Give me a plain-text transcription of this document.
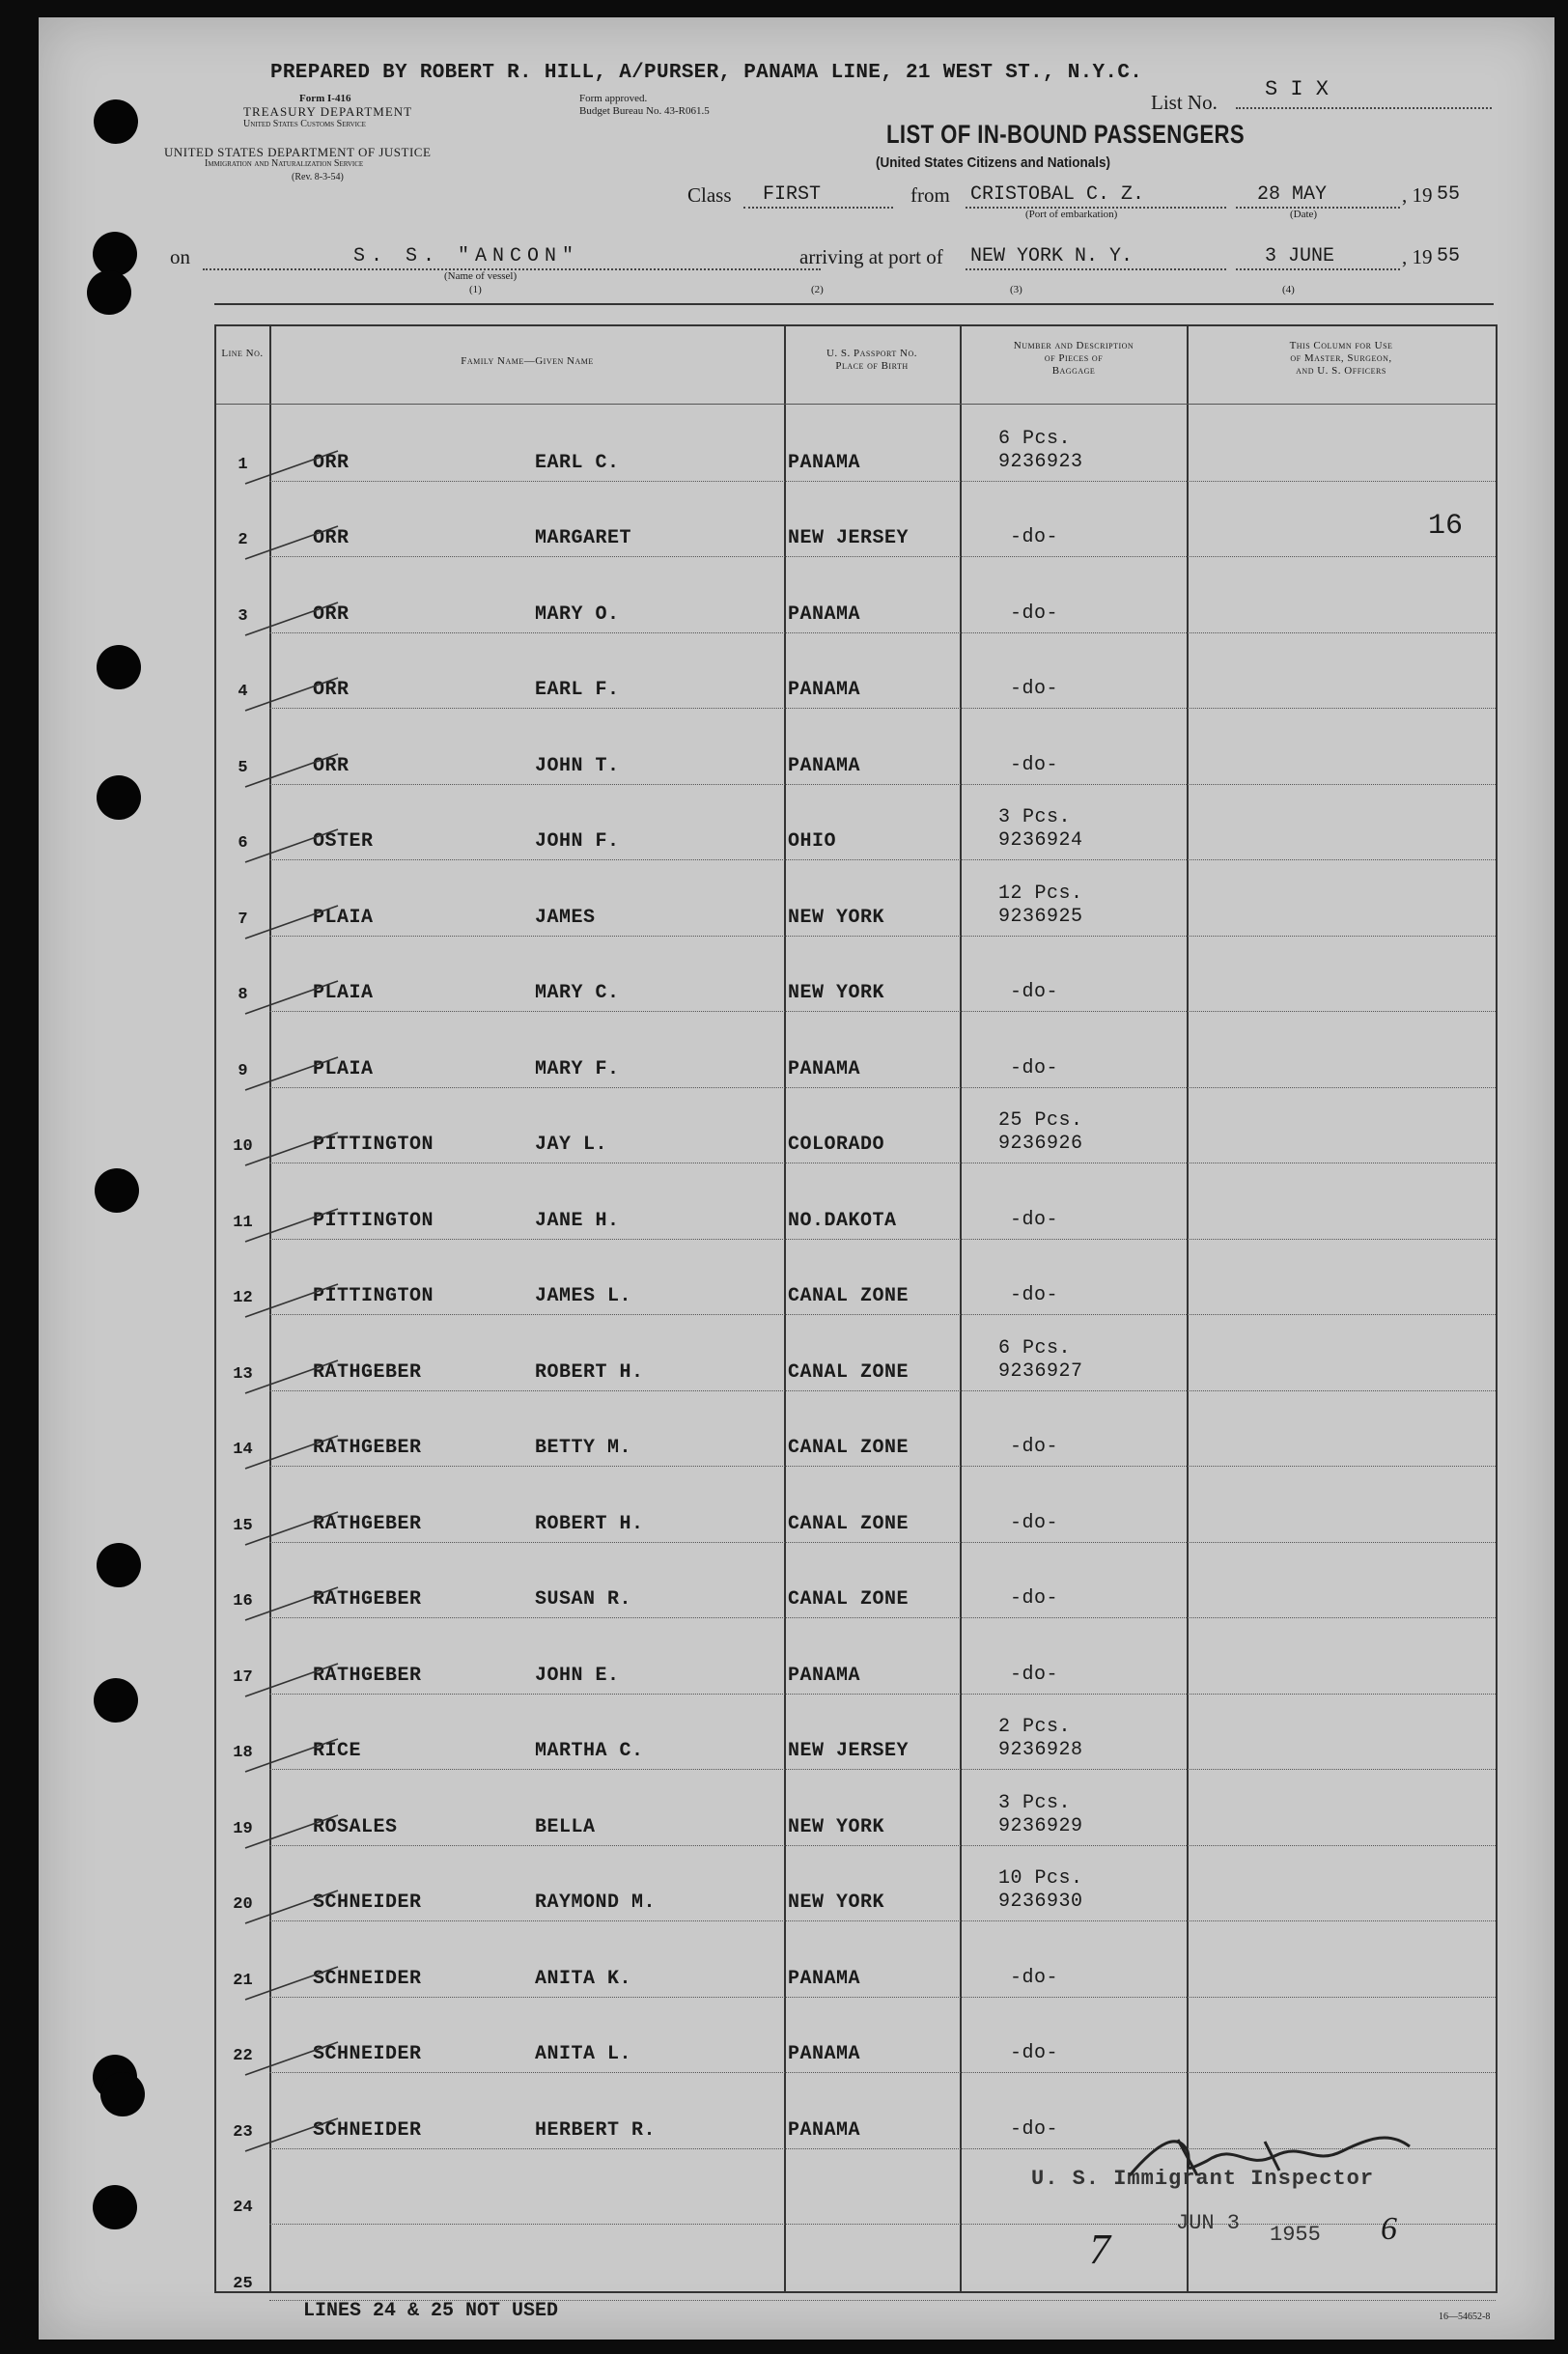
PREPARED BY ROBERT R. HILL, A/PURSER, PANAMA LINE, 21 WEST ST., N.Y.C.
Form I-416
TREASURY DEPARTMENT
United States Customs Service
Form approved.
Budget Bureau No. 43-R061.5
UNITED STATES DEPARTMENT OF JUSTICE
Immigration and Naturalization Service
(Rev. 8-3-54)
List No.
S I X
LIST OF IN-BOUND PASSENGERS
(United States Citizens and Nationals)
Class FIRST	from CRISTOBAL C. Z.
(Port of embarkation)
28 MAY	, 19 55
(Date)
on	S. S. "ANCON"
(Name of vessel)
(1)
arriving at port of
(2)
NEW YORK N. Y.
(3)
3 JUNE	, 19 55
(4)
Line No.
Family Name—Given Name
U. S. Passport No.
Place of Birth
Number and Description
of Pieces of
Baggage
This Column for Use
of Master, Surgeon,
and U. S. Officers
1	ORR	EARL C.	PANAMA
6 Pcs.
9236923
2	ORR	MARGARET	NEW JERSEY	-do-
3	ORR	MARY O.	PANAMA	-do-
4	ORR	EARL F.	PANAMA	-do-
5	ORR	JOHN T.	PANAMA	-do-
6	OSTER	JOHN F.	OHIO
3 Pcs.
9236924
7	PLAIA	JAMES	NEW YORK
12 Pcs.
9236925
8	PLAIA	MARY C.	NEW YORK	-do-
9	PLAIA	MARY F.	PANAMA	-do-
10	PITTINGTON	JAY L.	COLORADO
25 Pcs.
9236926
11	PITTINGTON	JANE H.	NO.DAKOTA	-do-
12	PITTINGTON	JAMES L.	CANAL ZONE	-do-
13	RATHGEBER	ROBERT H.	CANAL ZONE
6 Pcs.
9236927
14	RATHGEBER	BETTY M.	CANAL ZONE	-do-
15	RATHGEBER	ROBERT H.	CANAL ZONE	-do-
16	RATHGEBER	SUSAN R.	CANAL ZONE	-do-
17	RATHGEBER	JOHN E.	PANAMA	-do-
18	RICE	MARTHA C.	NEW JERSEY
2 Pcs.
9236928
19	ROSALES	BELLA	NEW YORK
3 Pcs.
9236929
20	SCHNEIDER	RAYMOND M.	NEW YORK
10 Pcs.
9236930
21	SCHNEIDER	ANITA K.	PANAMA	-do-
22	SCHNEIDER	ANITA L.	PANAMA	-do-
23	SCHNEIDER	HERBERT R.	PANAMA	-do-
24
25
16
U. S. Immigrant Inspector
7
JUN 3 1955 6
LINES 24 & 25 NOT USED	16—54652-8
